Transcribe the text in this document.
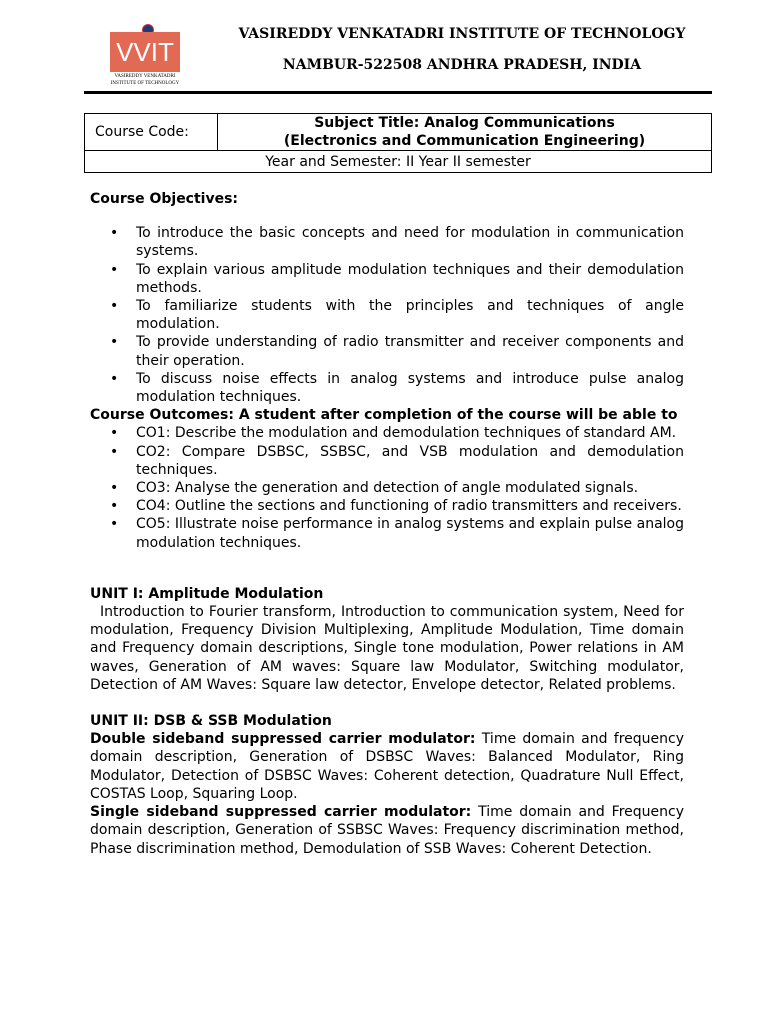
VVIT
VASIREDDY VENKATADRI
INSTITUTE OF TECHNOLOGY
VASIREDDY VENKATADRI INSTITUTE OF TECHNOLOGY
NAMBUR-522508 ANDHRA PRADESH, INDIA
Course Code:	
Subject Title: Analog Communications
(Electronics and Communication Engineering)

Year and Semester: II Year II semester

Course Objectives:

• To introduce the basic concepts and need for modulation in communication systems.
• To explain various amplitude modulation techniques and their demodulation methods.
• To familiarize students with the principles and techniques of angle modulation.
• To provide understanding of radio transmitter and receiver components and their operation.
• To discuss noise effects in analog systems and introduce pulse analog modulation techniques.

Course Outcomes: A student after completion of the course will be able to

• CO1: Describe the modulation and demodulation techniques of standard AM.
• CO2: Compare DSBSC, SSBSC, and VSB modulation and demodulation techniques.
• CO3: Analyse the generation and detection of angle modulated signals.
• CO4: Outline the sections and functioning of radio transmitters and receivers.
• CO5: Illustrate noise performance in analog systems and explain pulse analog modulation techniques.

UNIT I: Amplitude Modulation

Introduction to Fourier transform, Introduction to communication system, Need for modulation, Frequency Division Multiplexing, Amplitude Modulation, Time domain and Frequency domain descriptions, Single tone modulation, Power relations in AM waves, Generation of AM waves: Square law Modulator, Switching modulator, Detection of AM Waves: Square law detector, Envelope detector, Related problems.

UNIT II: DSB & SSB Modulation

Double sideband suppressed carrier modulator: Time domain and frequency domain description, Generation of DSBSC Waves: Balanced Modulator, Ring Modulator, Detection of DSBSC Waves: Coherent detection, Quadrature Null Effect, COSTAS Loop, Squaring Loop.

Single sideband suppressed carrier modulator: Time domain and Frequency domain description, Generation of SSBSC Waves: Frequency discrimination method, Phase discrimination method, Demodulation of SSB Waves: Coherent Detection.
